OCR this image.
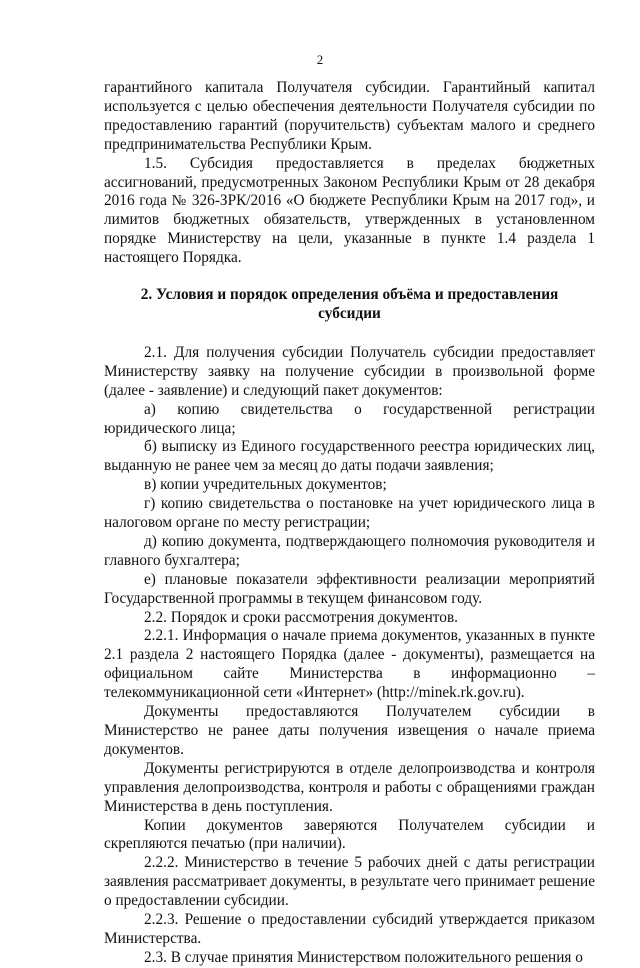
2

гарантийного капитала Получателя субсидии. Гарантийный капитал используется с целью обеспечения деятельности Получателя субсидии по предоставлению гарантий (поручительств) субъектам малого и среднего предпринимательства Республики Крым.

1.5. Субсидия предоставляется в пределах бюджетных ассигнований, предусмотренных Законом Республики Крым от 28 декабря 2016 года № 326-ЗРК/2016 «О бюджете Республики Крым на 2017 год», и лимитов бюджетных обязательств, утвержденных в установленном порядке Министерству на цели, указанные в пункте 1.4 раздела 1 настоящего Порядка.

2. Условия и порядок определения объёма и предоставления
субсидии

2.1. Для получения субсидии Получатель субсидии предоставляет Министерству заявку на получение субсидии в произвольной форме (далее - заявление) и следующий пакет документов:

а) копию свидетельства о государственной регистрации юридического лица;

б) выписку из Единого государственного реестра юридических лиц, выданную не ранее чем за месяц до даты подачи заявления;

в) копии учредительных документов;

г) копию свидетельства о постановке на учет юридического лица в налоговом органе по месту регистрации;

д) копию документа, подтверждающего полномочия руководителя и главного бухгалтера;

е) плановые показатели эффективности реализации мероприятий Государственной программы в текущем финансовом году.

2.2. Порядок и сроки рассмотрения документов.

2.2.1. Информация о начале приема документов, указанных в пункте 2.1 раздела 2 настоящего Порядка (далее - документы), размещается на официальном сайте Министерства в информационно – телекоммуникационной сети «Интернет» (http://minek.rk.gov.ru).

Документы предоставляются Получателем субсидии в Министерство не ранее даты получения извещения о начале приема документов.

Документы регистрируются в отделе делопроизводства и контроля управления делопроизводства, контроля и работы с обращениями граждан Министерства в день поступления.

Копии документов заверяются Получателем субсидии и скрепляются печатью (при наличии).

2.2.2. Министерство в течение 5 рабочих дней с даты регистрации заявления рассматривает документы, в результате чего принимает решение о предоставлении субсидии.

2.2.3. Решение о предоставлении субсидий утверждается приказом Министерства.

2.3. В случае принятия Министерством положительного решения о
